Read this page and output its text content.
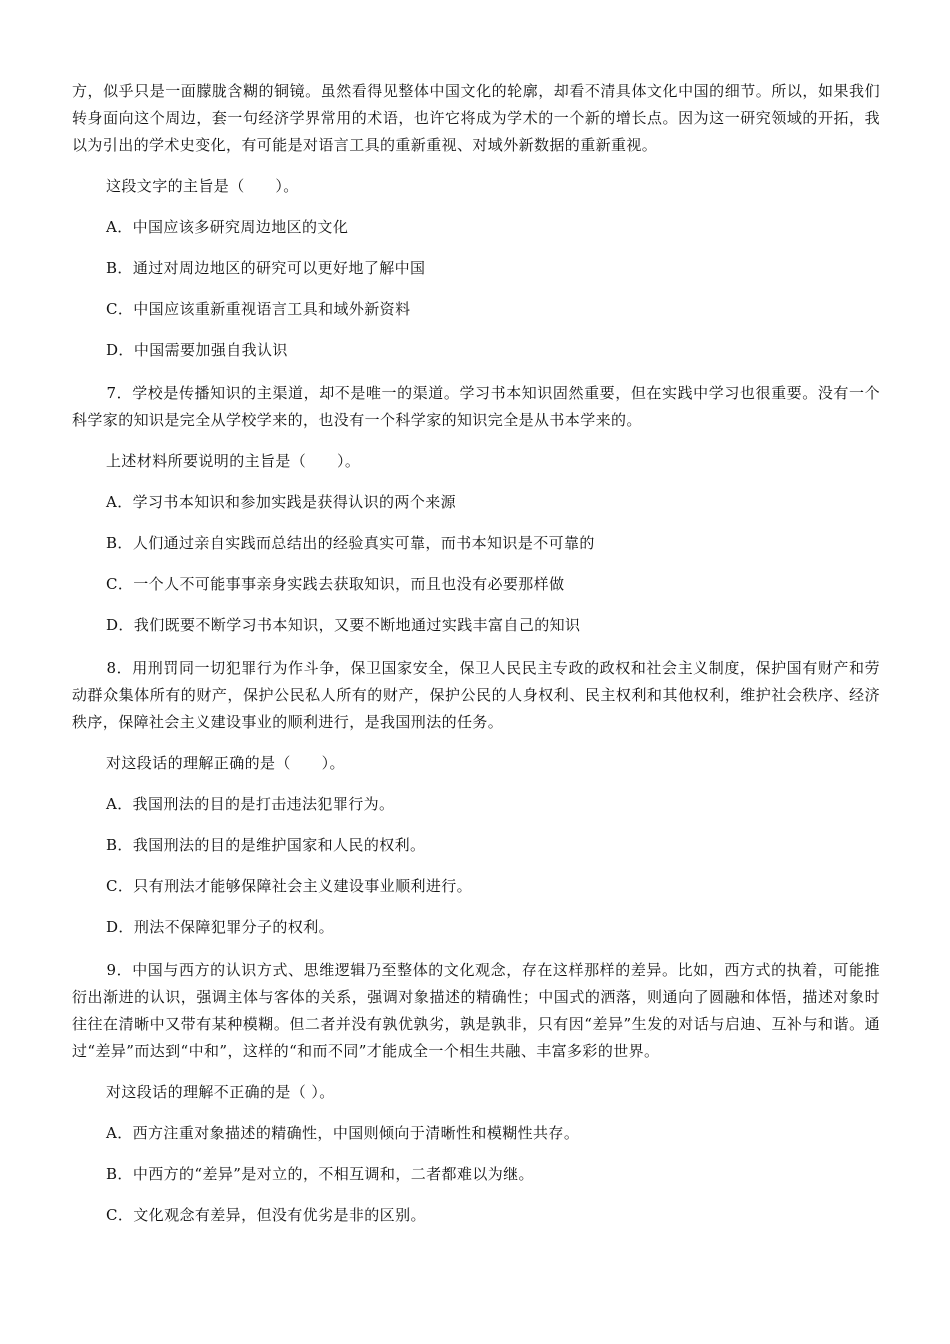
方，似乎只是一面朦胧含糊的铜镜。虽然看得见整体中国文化的轮廓，却看不清具体文化中国的细节。所以，如果我们转身面向这个周边，套一句经济学界常用的术语，也许它将成为学术的一个新的增长点。因为这一研究领域的开拓，我以为引出的学术史变化，有可能是对语言工具的重新重视、对域外新数据的重新重视。

这段文字的主旨是（　　）。

A．中国应该多研究周边地区的文化

B．通过对周边地区的研究可以更好地了解中国

C．中国应该重新重视语言工具和域外新资料

D．中国需要加强自我认识

7．学校是传播知识的主渠道，却不是唯一的渠道。学习书本知识固然重要，但在实践中学习也很重要。没有一个科学家的知识是完全从学校学来的，也没有一个科学家的知识完全是从书本学来的。

上述材料所要说明的主旨是（　　）。

A．学习书本知识和参加实践是获得认识的两个来源

B．人们通过亲自实践而总结出的经验真实可靠，而书本知识是不可靠的

C．一个人不可能事事亲身实践去获取知识，而且也没有必要那样做

D．我们既要不断学习书本知识，又要不断地通过实践丰富自己的知识

8．用刑罚同一切犯罪行为作斗争，保卫国家安全，保卫人民民主专政的政权和社会主义制度，保护国有财产和劳动群众集体所有的财产，保护公民私人所有的财产，保护公民的人身权利、民主权利和其他权利，维护社会秩序、经济秩序，保障社会主义建设事业的顺利进行，是我国刑法的任务。

对这段话的理解正确的是（　　）。

A．我国刑法的目的是打击违法犯罪行为。

B．我国刑法的目的是维护国家和人民的权利。

C．只有刑法才能够保障社会主义建设事业顺利进行。

D．刑法不保障犯罪分子的权利。

9．中国与西方的认识方式、思维逻辑乃至整体的文化观念，存在这样那样的差异。比如，西方式的执着，可能推衍出渐进的认识，强调主体与客体的关系，强调对象描述的精确性；中国式的洒落，则通向了圆融和体悟，描述对象时往往在清晰中又带有某种模糊。但二者并没有孰优孰劣，孰是孰非，只有因“差异”生发的对话与启迪、互补与和谐。通过“差异”而达到“中和”，这样的“和而不同”才能成全一个相生共融、丰富多彩的世界。

对这段话的理解不正确的是（ ）。

A．西方注重对象描述的精确性，中国则倾向于清晰性和模糊性共存。

B．中西方的“差异”是对立的，不相互调和，二者都难以为继。

C．文化观念有差异，但没有优劣是非的区别。
